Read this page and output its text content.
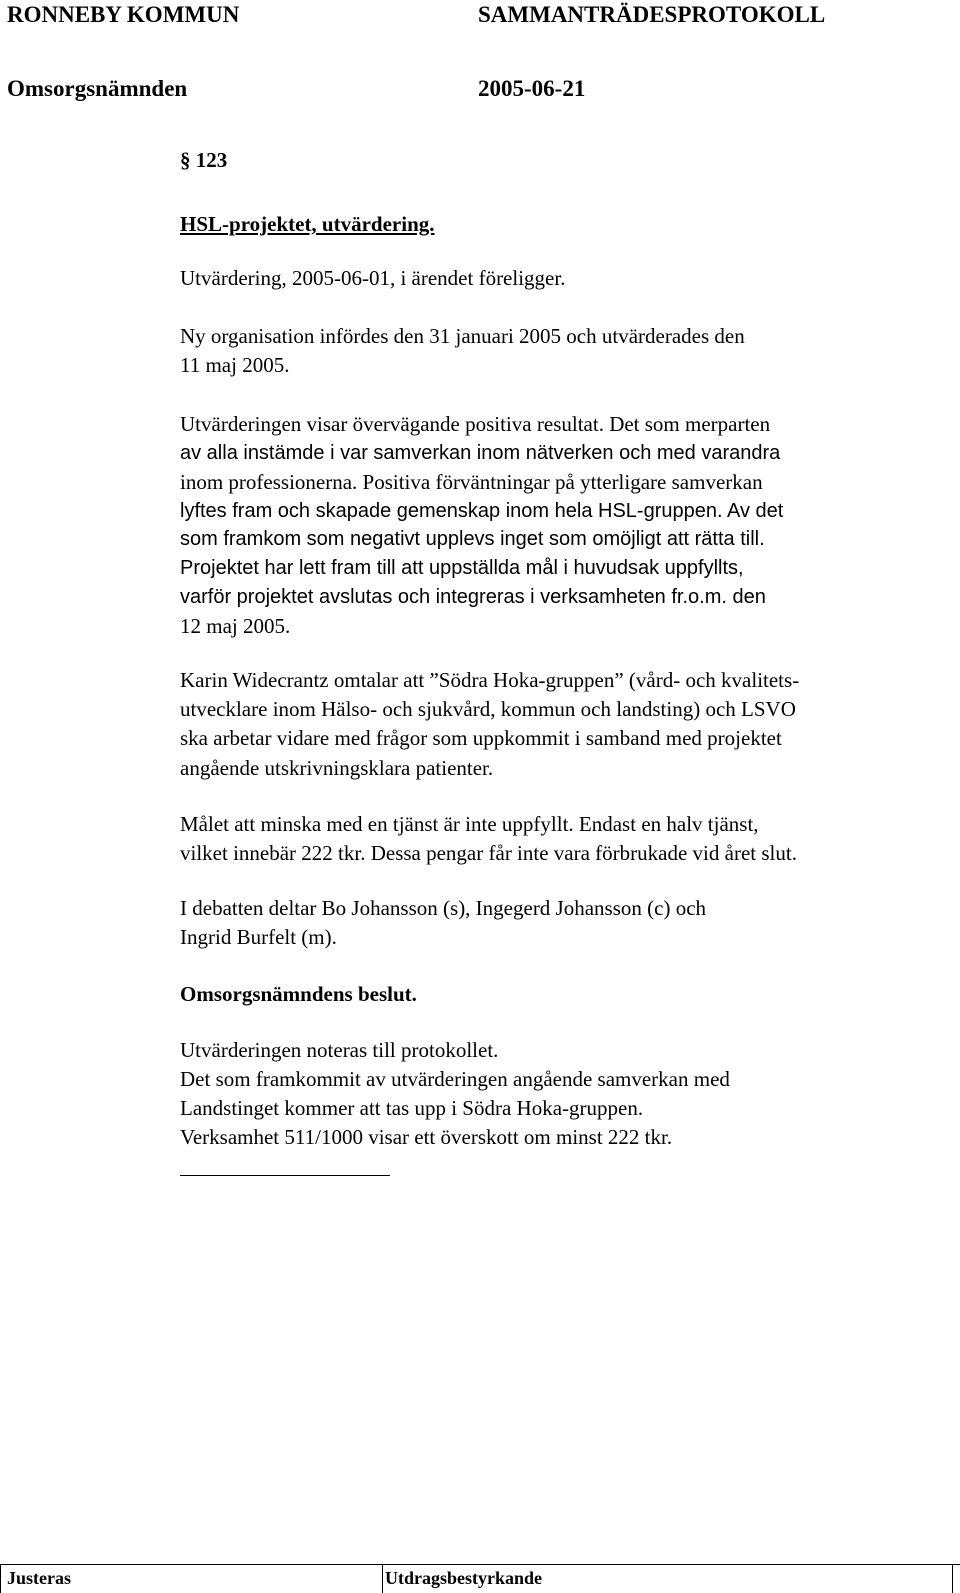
RONNEBY KOMMUN	SAMMANTRÄDESPROTOKOLL
Omsorgsnämnden	2005-06-21
§ 123
HSL-projektet, utvärdering.
Utvärdering, 2005-06-01, i ärendet föreligger.
Ny organisation infördes den 31 januari 2005 och utvärderades den
11 maj 2005.
Utvärderingen visar övervägande positiva resultat. Det som merparten
av alla instämde i var samverkan inom nätverken och med varandra
inom professionerna. Positiva förväntningar på ytterligare samverkan
lyftes fram och skapade gemenskap inom hela HSL-gruppen. Av det
som framkom som negativt upplevs inget som omöjligt att rätta till.
Projektet har lett fram till att uppställda mål i huvudsak uppfyllts,
varför projektet avslutas och integreras i verksamheten fr.o.m. den
12 maj 2005.
Karin Widecrantz omtalar att ”Södra Hoka-gruppen” (vård- och kvalitets-
utvecklare inom Hälso- och sjukvård, kommun och landsting) och LSVO
ska arbetar vidare med frågor som uppkommit i samband med projektet
angående utskrivningsklara patienter.
Målet att minska med en tjänst är inte uppfyllt. Endast en halv tjänst,
vilket innebär 222 tkr. Dessa pengar får inte vara förbrukade vid året slut.
I debatten deltar Bo Johansson (s), Ingegerd Johansson (c) och
Ingrid Burfelt (m).
Omsorgsnämndens beslut.
Utvärderingen noteras till protokollet.
Det som framkommit av utvärderingen angående samverkan med
Landstinget kommer att tas upp i Södra Hoka-gruppen.
Verksamhet 511/1000 visar ett överskott om minst 222 tkr.
Justeras	Utdragsbestyrkande
